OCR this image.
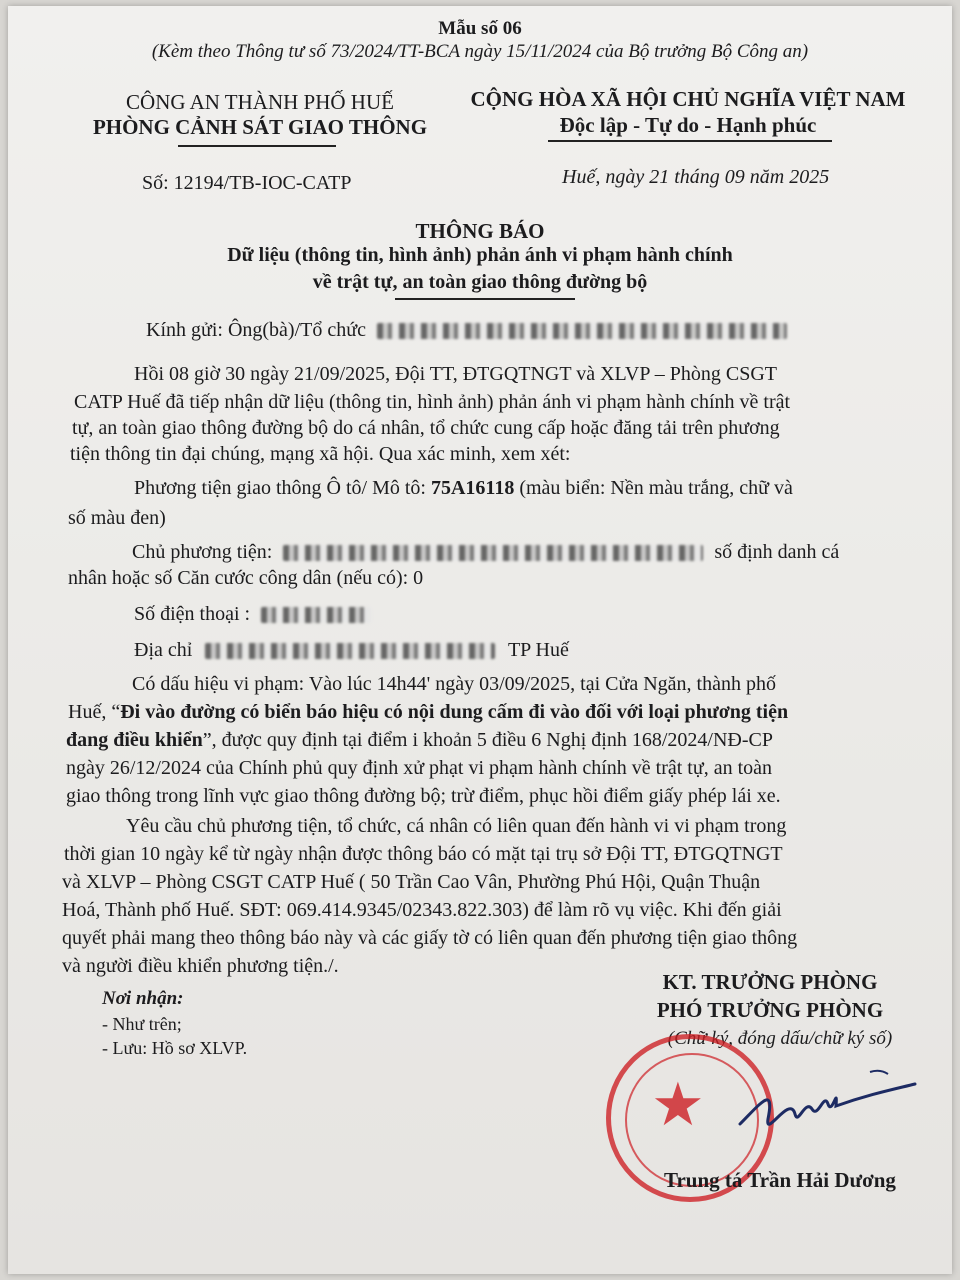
Mẫu số 06
(Kèm theo Thông tư số 73/2024/TT-BCA ngày 15/11/2024 của Bộ trưởng Bộ Công an)
CÔNG AN THÀNH PHỐ HUẾ
PHÒNG CẢNH SÁT GIAO THÔNG
CỘNG HÒA XÃ HỘI CHỦ NGHĨA VIỆT NAM
Độc lập - Tự do - Hạnh phúc
Số: 12194/TB-IOC-CATP	Huế, ngày 21 tháng 09 năm 2025
THÔNG BÁO
Dữ liệu (thông tin, hình ảnh) phản ánh vi phạm hành chính
về trật tự, an toàn giao thông đường bộ
Kính gửi: Ông(bà)/Tổ chức
Hồi 08 giờ 30 ngày 21/09/2025, Đội TT, ĐTGQTNGT và XLVP – Phòng CSGT
CATP Huế đã tiếp nhận dữ liệu (thông tin, hình ảnh) phản ánh vi phạm hành chính về trật
tự, an toàn giao thông đường bộ do cá nhân, tổ chức cung cấp hoặc đăng tải trên phương
tiện thông tin đại chúng, mạng xã hội. Qua xác minh, xem xét:
Phương tiện giao thông Ô tô/ Mô tô: 75A16118 (màu biển: Nền màu trắng, chữ và
số màu đen)
Chủ phương tiện:	số định danh cá
nhân hoặc số Căn cước công dân (nếu có): 0
Số điện thoại :
Địa chỉ	TP Huế
Có dấu hiệu vi phạm: Vào lúc 14h44' ngày 03/09/2025, tại Cửa Ngăn, thành phố
Huế, “Đi vào đường có biển báo hiệu có nội dung cấm đi vào đối với loại phương tiện
đang điều khiển”, được quy định tại điểm i khoản 5 điều 6 Nghị định 168/2024/NĐ-CP
ngày 26/12/2024 của Chính phủ quy định xử phạt vi phạm hành chính về trật tự, an toàn
giao thông trong lĩnh vực giao thông đường bộ; trừ điểm, phục hồi điểm giấy phép lái xe.
Yêu cầu chủ phương tiện, tổ chức, cá nhân có liên quan đến hành vi vi phạm trong
thời gian 10 ngày kể từ ngày nhận được thông báo có mặt tại trụ sở Đội TT, ĐTGQTNGT
và XLVP – Phòng CSGT CATP Huế ( 50 Trần Cao Vân, Phường Phú Hội, Quận Thuận
Hoá, Thành phố Huế. SĐT: 069.414.9345/02343.822.303) để làm rõ vụ việc. Khi đến giải
quyết phải mang theo thông báo này và các giấy tờ có liên quan đến phương tiện giao thông
và người điều khiển phương tiện./.
Nơi nhận:
- Như trên;
- Lưu: Hồ sơ XLVP.
KT. TRƯỞNG PHÒNG
PHÓ TRƯỞNG PHÒNG
(Chữ ký, đóng dấu/chữ ký số)
★
Trung tá Trần Hải Dương
